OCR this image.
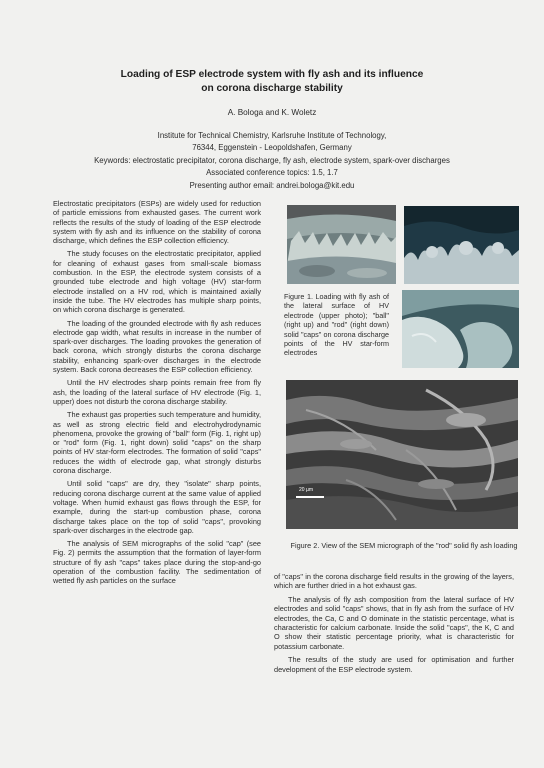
Loading of ESP electrode system with fly ash and its influence
on corona discharge stability
A. Bologa and K. Woletz
Institute for Technical Chemistry, Karlsruhe Institute of Technology,
76344, Eggenstein - Leopoldshafen, Germany
Keywords: electrostatic precipitator, corona discharge, fly ash, electrode system, spark-over discharges
Associated conference topics: 1.5, 1.7
Presenting author email: andrei.bologa@kit.edu

Electrostatic precipitators (ESPs) are widely used for reduction of particle emissions from exhausted gases. The current work reflects the results of the study of loading of the ESP electrode system with fly ash and its influence on the stability of corona discharge, which defines the ESP collection efficiency.

The study focuses on the electrostatic precipitator, applied for cleaning of exhaust gases from small-scale biomass combustion. In the ESP, the electrode system consists of a grounded tube electrode and high voltage (HV) star-form electrode installed on a HV rod, which is maintained axially inside the tube. The HV electrodes has multiple sharp points, on which corona discharge is generated.

The loading of the grounded electrode with fly ash reduces electrode gap width, what results in increase in the number of spark-over discharges. The loading provokes the generation of back corona, which strongly disturbs the corona discharge stability, enhancing spark-over discharges in the electrode system. Back corona decreases the ESP collection efficiency.

Until the HV electrodes sharp points remain free from fly ash, the loading of the lateral surface of HV electrode (Fig. 1, upper) does not disturb the corona discharge stability.

The exhaust gas properties such temperature and humidity, as well as strong electric field and electrohydrodynamic phenomena, provoke the growing of "ball" form (Fig. 1, right up) or "rod" form (Fig. 1, right down) solid "caps" on the sharp points of HV star-form electrodes. The formation of solid "caps" reduces the width of electrode gap, what strongly disturbs corona discharge.

Until solid "caps" are dry, they "isolate" sharp points, reducing corona discharge current at the same value of applied voltage. When humid exhaust gas flows through the ESP, for example, during the start-up combustion phase, corona discharge takes place on the top of solid "caps", provoking spark-over discharges in the electrode gap.

The analysis of SEM micrographs of the solid "cap" (see Fig. 2) permits the assumption that the formation of layer-form structure of fly ash "caps" takes place during the stop-and-go operation of the combustion facility. The sedimentation of wetted fly ash particles on the surface

Figure 1. Loading with fly ash of the lateral surface of HV electrode (upper photo); "ball" (right up) and "rod" (right down) solid "caps" on corona discharge points of the HV star-form electrodes
20 µm
Figure 2. View of the SEM micrograph of the "rod" solid fly ash loading

of "caps" in the corona discharge field results in the growing of the layers, which are further dried in a hot exhaust gas.

The analysis of fly ash composition from the lateral surface of HV electrodes and solid "caps" shows, that in fly ash from the surface of HV electrodes, the Ca, C and O dominate in the statistic percentage, what is characteristic for calcium carbonate. Inside the solid "caps", the K, C and O show their statistic percentage priority, what is characteristic for potassium carbonate.

The results of the study are used for optimisation and further development of the ESP electrode system.
